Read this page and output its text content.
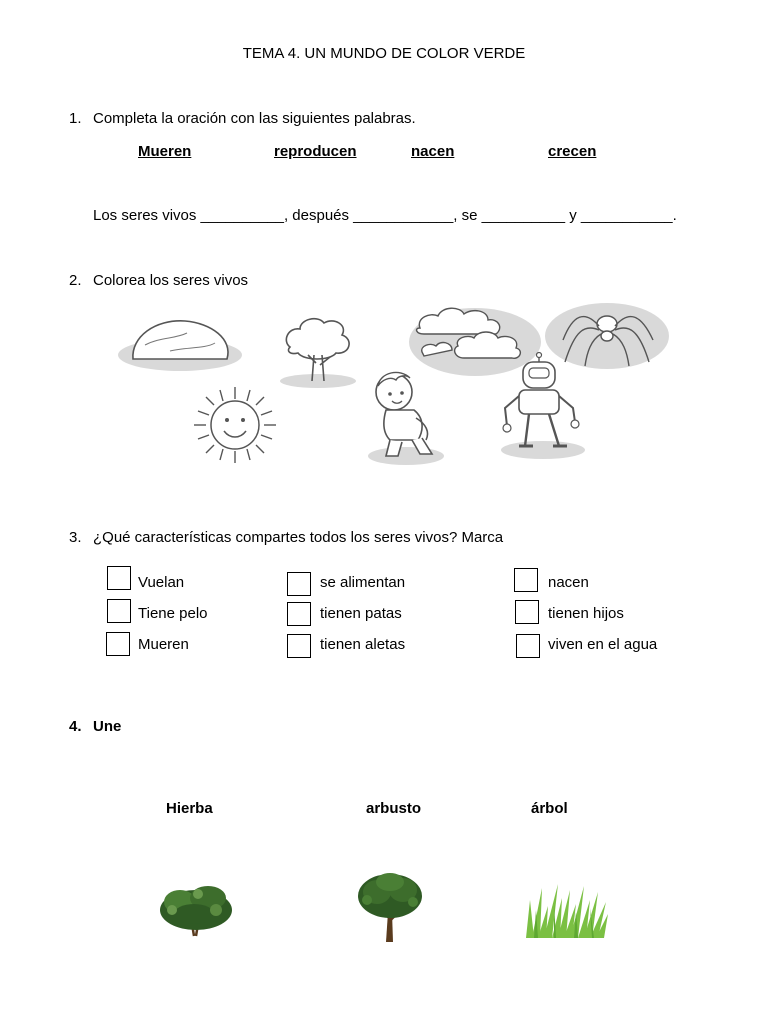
TEMA 4. UN MUNDO DE COLOR VERDE
1. Completa la oración con las siguientes palabras.
Mueren	reproducen	nacen	crecen
Los seres vivos __________, después ____________, se __________ y ___________.
2. Colorea los seres vivos
3. ¿Qué características compartes todos los seres vivos? Marca
Vuelan	se alimentan	nacen
Tiene pelo	tienen patas	tienen hijos
Mueren	tienen aletas	viven en el agua
4. Une
Hierba	arbusto	árbol
